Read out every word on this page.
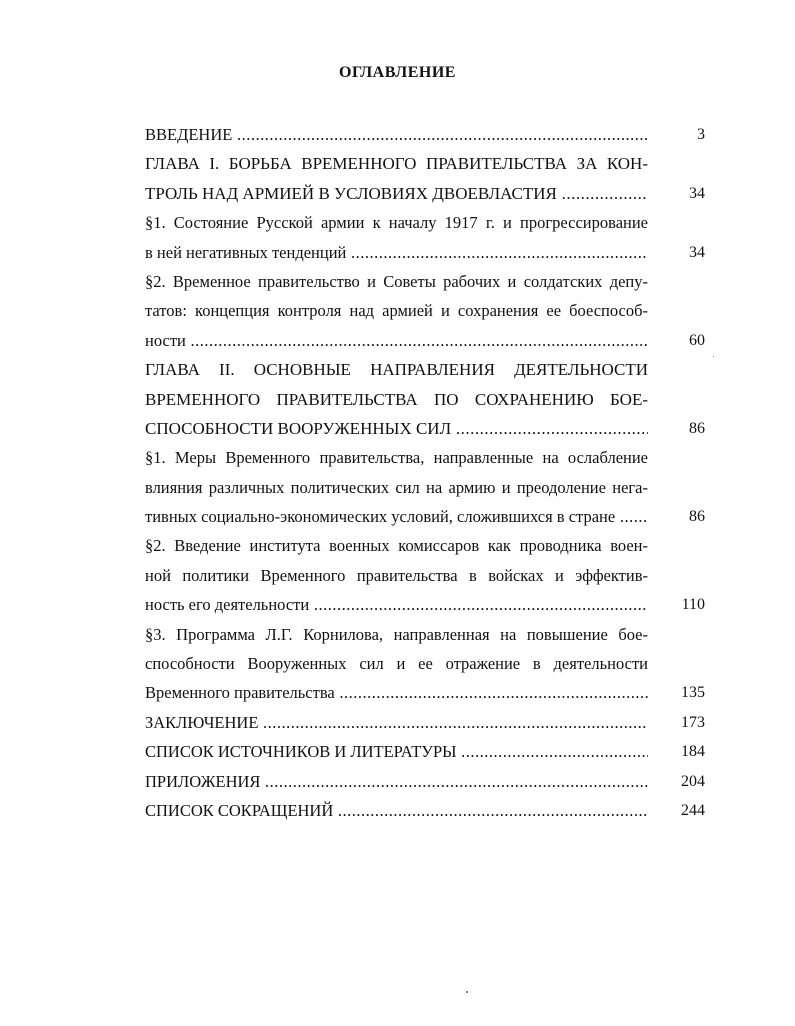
ОГЛАВЛЕНИЕ
ВВЕДЕНИЕ .....	3
ГЛАВА I. БОРЬБА ВРЕМЕННОГО ПРАВИТЕЛЬСТВА ЗА КОН-
ТРОЛЬ НАД АРМИЕЙ В УСЛОВИЯХ ДВОЕВЛАСТИЯ .....	34
§1. Состояние Русской армии к началу 1917 г. и прогрессирование
в ней негативных тенденций .....	34
§2. Временное правительство и Советы рабочих и солдатских депу-
татов: концепция контроля над армией и сохранения ее боеспособ-
ности .....	60
ГЛАВА II. ОСНОВНЫЕ НАПРАВЛЕНИЯ ДЕЯТЕЛЬНОСТИ
ВРЕМЕННОГО ПРАВИТЕЛЬСТВА ПО СОХРАНЕНИЮ БОЕ-
СПОСОБНОСТИ ВООРУЖЕННЫХ СИЛ .....	86
§1. Меры Временного правительства, направленные на ослабление
влияния различных политических сил на армию и преодоление нега-
тивных социально-экономических условий, сложившихся в стране .....	86
§2. Введение института военных комиссаров как проводника воен-
ной политики Временного правительства в войсках и эффектив-
ность его деятельности .....	110
§3. Программа Л.Г. Корнилова, направленная на повышение бое-
способности Вооруженных сил и ее отражение в деятельности
Временного правительства .....	135
ЗАКЛЮЧЕНИЕ .....	173
СПИСОК ИСТОЧНИКОВ И ЛИТЕРАТУРЫ .....	184
ПРИЛОЖЕНИЯ .....	204
СПИСОК СОКРАЩЕНИЙ .....	244
